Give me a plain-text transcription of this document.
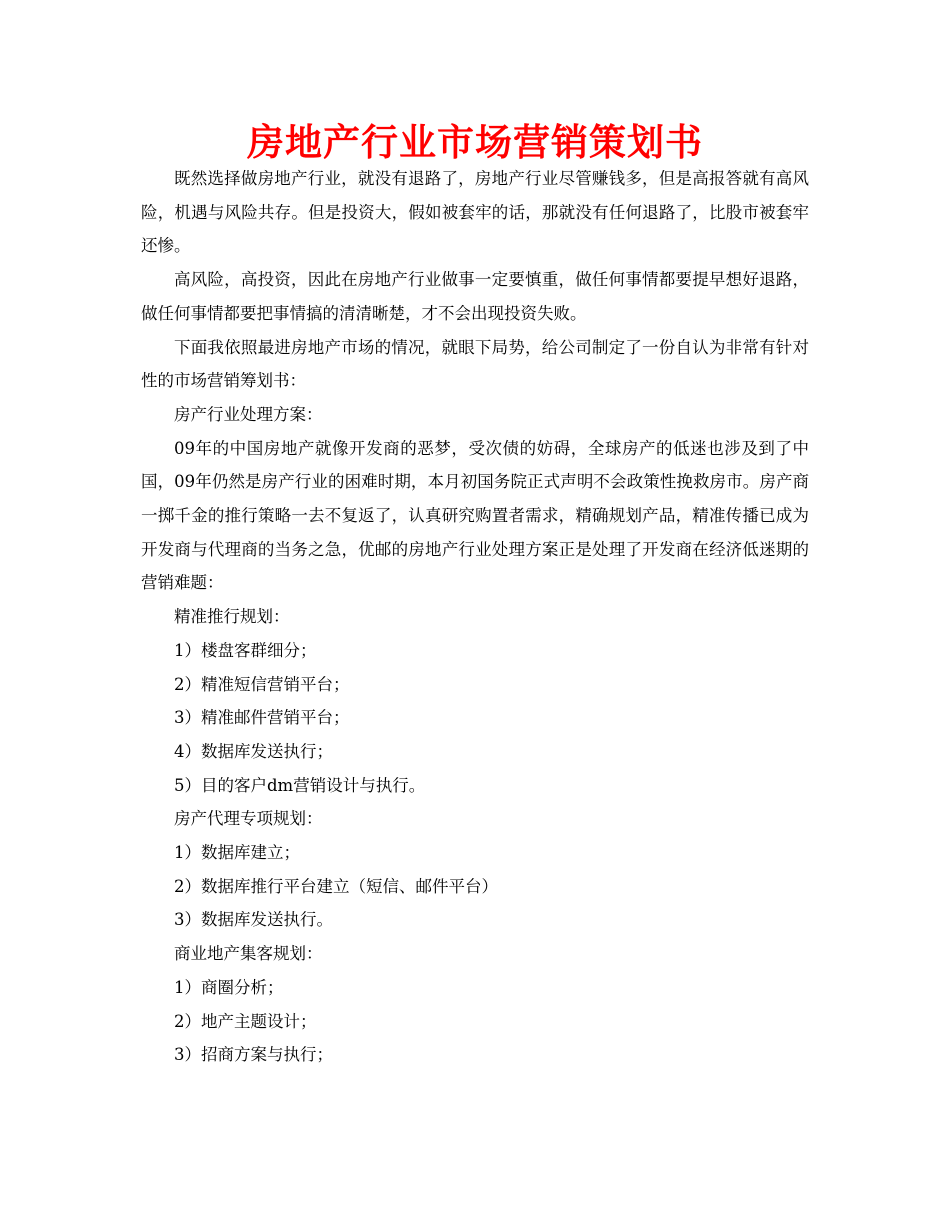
房地产行业市场营销策划书

既然选择做房地产行业，就没有退路了，房地产行业尽管赚钱多，但是高报答就有高风险，机遇与风险共存。但是投资大，假如被套牢的话，那就没有任何退路了，比股市被套牢还惨。

高风险，高投资，因此在房地产行业做事一定要慎重，做任何事情都要提早想好退路，做任何事情都要把事情搞的清清晰楚，才不会出现投资失败。

下面我依照最进房地产市场的情况，就眼下局势，给公司制定了一份自认为非常有针对性的市场营销筹划书：

房产行业处理方案：

09年的中国房地产就像开发商的恶梦，受次债的妨碍，全球房产的低迷也涉及到了中国，09年仍然是房产行业的困难时期，本月初国务院正式声明不会政策性挽救房市。房产商一掷千金的推行策略一去不复返了，认真研究购置者需求，精确规划产品，精准传播已成为开发商与代理商的当务之急，优邮的房地产行业处理方案正是处理了开发商在经济低迷期的营销难题：

精准推行规划：

1）楼盘客群细分；

2）精准短信营销平台；

3）精准邮件营销平台；

4）数据库发送执行；

5）目的客户dm营销设计与执行。

房产代理专项规划：

1）数据库建立；

2）数据库推行平台建立（短信、邮件平台）

3）数据库发送执行。

商业地产集客规划：

1）商圈分析；

2）地产主题设计；

3）招商方案与执行；
